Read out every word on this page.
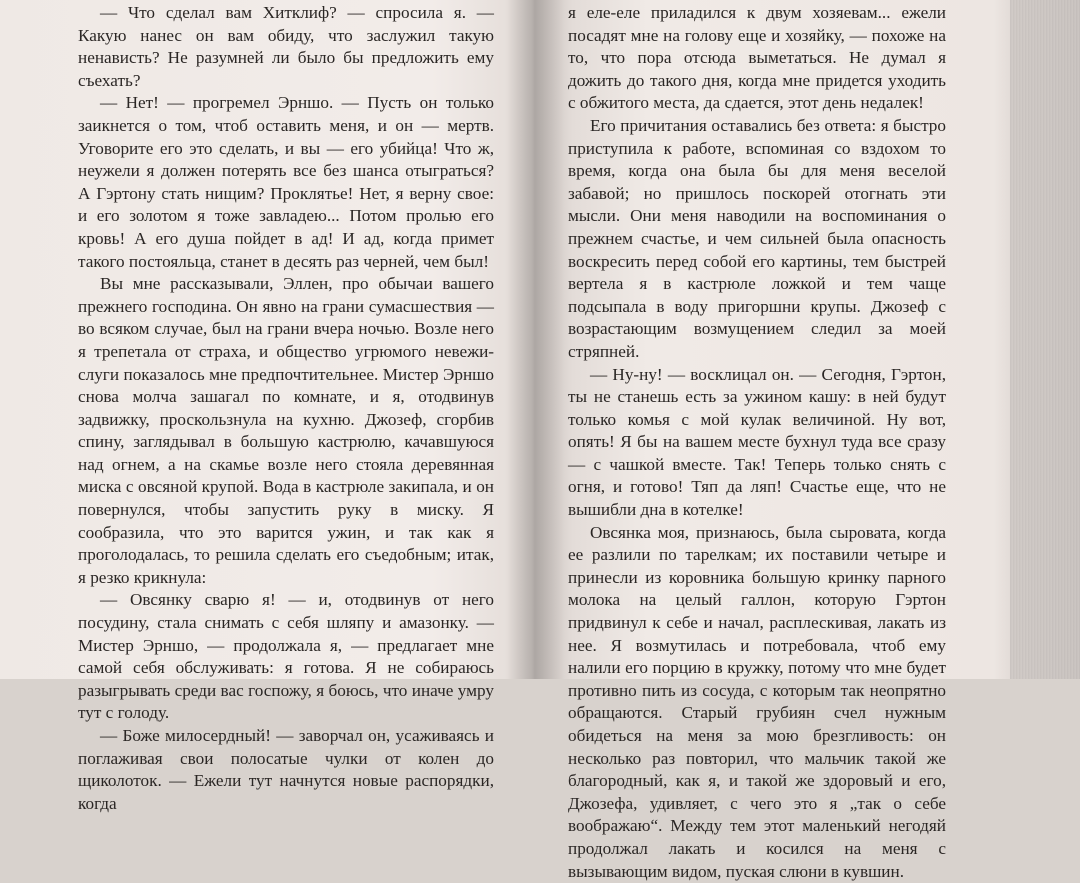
— Что сделал вам Хитклиф? — спросила я. — Какую нанес он вам обиду, что заслужил такую ненависть? Не разумней ли было бы предложить ему съехать?

— Нет! — прогремел Эрншо. — Пусть он только заикнется о том, чтоб оставить меня, и он — мертв. Уговорите его это сделать, и вы — его убийца! Что ж, неужели я должен потерять все без шанса отыграться? А Гэртону стать нищим? Проклятье! Нет, я верну свое: и его золотом я тоже завладею... Потом пролью его кровь! А его душа пойдет в ад! И ад, когда примет такого постояльца, станет в десять раз черней, чем был!

Вы мне рассказывали, Эллен, про обычаи вашего прежнего господина. Он явно на грани сумасшествия — во всяком случае, был на грани вчера ночью. Возле него я трепетала от страха, и общество угрюмого невежи-слуги показалось мне предпочтительнее. Мистер Эрншо снова молча зашагал по комнате, и я, отодвинув задвижку, проскользнула на кухню. Джозеф, сгорбив спину, заглядывал в большую кастрюлю, качавшуюся над огнем, а на скамье возле него стояла деревянная миска с овсяной крупой. Вода в кастрюле закипала, и он повернулся, чтобы запустить руку в миску. Я сообразила, что это варится ужин, и так как я проголодалась, то решила сделать его съедобным; итак, я резко крикнула:

— Овсянку сварю я! — и, отодвинув от него посудину, стала снимать с себя шляпу и амазонку. — Мистер Эрншо, — продолжала я, — предлагает мне самой себя обслуживать: я готова. Я не собираюсь разыгрывать среди вас госпожу, я боюсь, что иначе умру тут с голоду.

— Боже милосердный! — заворчал он, усаживаясь и поглаживая свои полосатые чулки от колен до щиколоток. — Ежели тут начнутся новые распорядки, когда

я еле-еле приладился к двум хозяевам... ежели посадят мне на голову еще и хозяйку, — похоже на то, что пора отсюда выметаться. Не думал я дожить до такого дня, когда мне придется уходить с обжитого места, да сдается, этот день недалек!

Его причитания оставались без ответа: я быстро приступила к работе, вспоминая со вздохом то время, когда она была бы для меня веселой забавой; но пришлось поскорей отогнать эти мысли. Они меня наводили на воспоминания о прежнем счастье, и чем сильней была опасность воскресить перед собой его картины, тем быстрей вертела я в кастрюле ложкой и тем чаще подсыпала в воду пригоршни крупы. Джозеф с возрастающим возмущением следил за моей стряпней.

— Ну-ну! — восклицал он. — Сегодня, Гэртон, ты не станешь есть за ужином кашу: в ней будут только комья с мой кулак величиной. Ну вот, опять! Я бы на вашем месте бухнул туда все сразу — с чашкой вместе. Так! Теперь только снять с огня, и готово! Тяп да ляп! Счастье еще, что не вышибли дна в котелке!

Овсянка моя, признаюсь, была сыровата, когда ее разлили по тарелкам; их поставили четыре и принесли из коровника большую кринку парного молока на целый галлон, которую Гэртон придвинул к себе и начал, расплескивая, лакать из нее. Я возмутилась и потребовала, чтоб ему налили его порцию в кружку, потому что мне будет противно пить из сосуда, с которым так неопрятно обращаются. Старый грубиян счел нужным обидеться на меня за мою брезгливость: он несколько раз повторил, что мальчик такой же благородный, как я, и такой же здоровый и его, Джозефа, удивляет, с чего это я „так о себе воображаю“. Между тем этот маленький негодяй продолжал лакать и косился на меня с вызывающим видом, пуская слюни в кувшин.
